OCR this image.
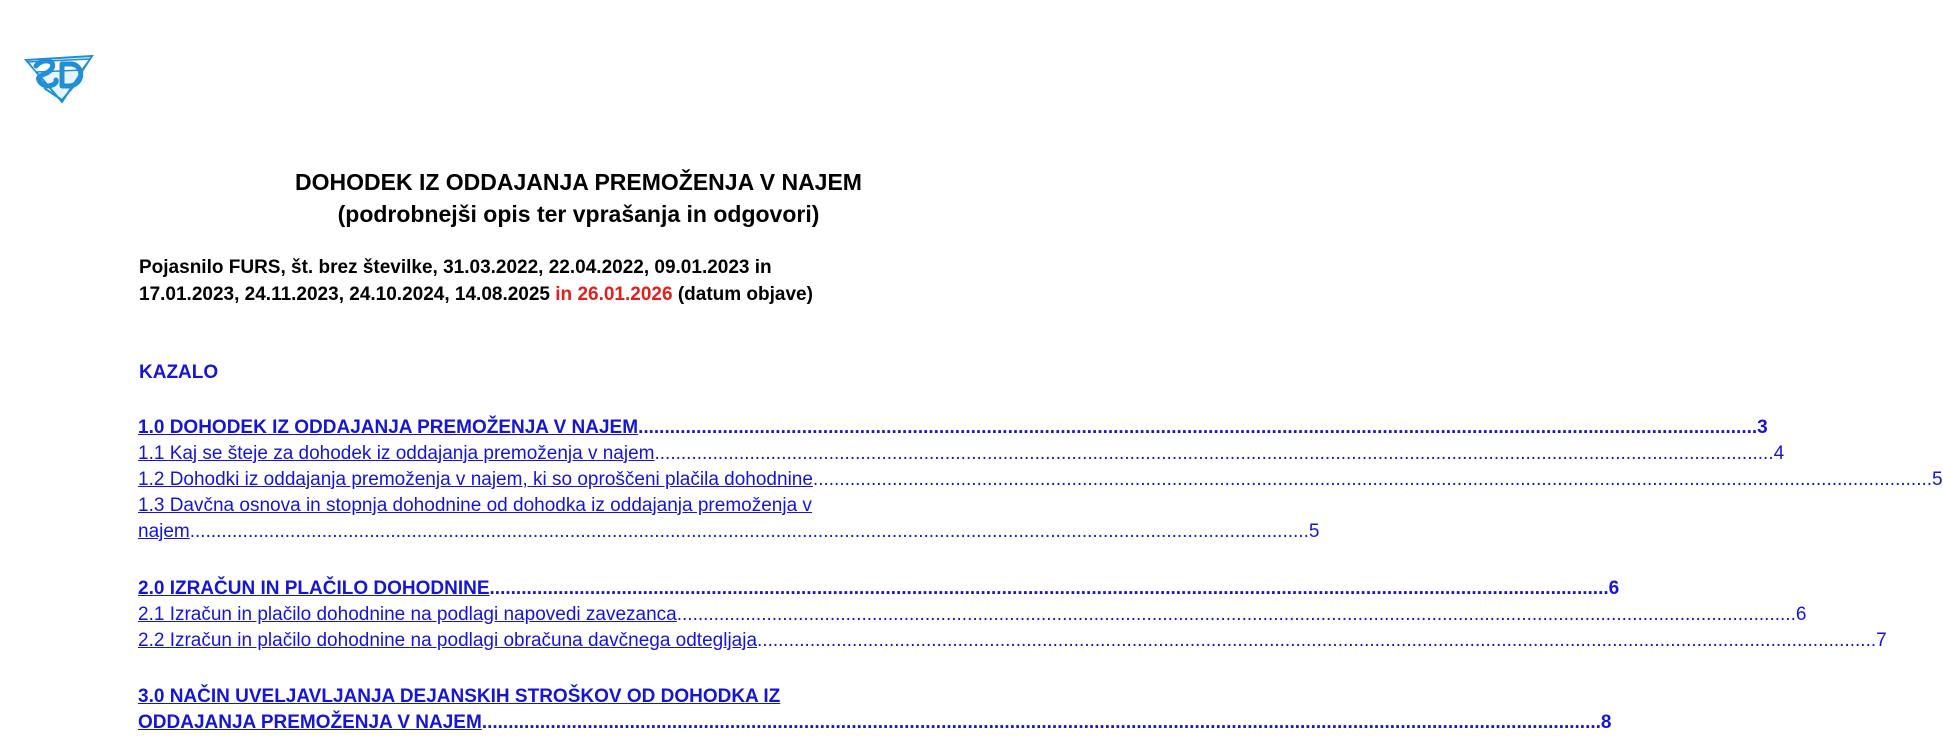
DOHODEK IZ ODDAJANJA PREMOŽENJA V NAJEM
(podrobnejši opis ter vprašanja in odgovori)
Pojasnilo FURS, št. brez številke, 31.03.2022, 22.04.2022, 09.01.2023 in
17.01.2023, 24.11.2023, 24.10.2024, 14.08.2025 in 26.01.2026 (datum objave)
KAZALO
1.0 DOHODEK IZ ODDAJANJA PREMOŽENJA V NAJEM .................................................................................................................................................................................................................... 3
1.1 Kaj se šteje za dohodek iz oddajanja premoženja v najem .................................................................................................................................................................................................................... 4
1.2 Dohodki iz oddajanja premoženja v najem, ki so oproščeni plačila dohodnine .................................................................................................................................................................................................................... 5
1.3 Davčna osnova in stopnja dohodnine od dohodka iz oddajanja premoženja v
najem .................................................................................................................................................................................................................... 5
2.0 IZRAČUN IN PLAČILO DOHODNINE .................................................................................................................................................................................................................... 6
2.1 Izračun in plačilo dohodnine na podlagi napovedi zavezanca .................................................................................................................................................................................................................... 6
2.2 Izračun in plačilo dohodnine na podlagi obračuna davčnega odtegljaja .................................................................................................................................................................................................................... 7
3.0 NAČIN UVELJAVLJANJA DEJANSKIH STROŠKOV OD DOHODKA IZ
ODDAJANJA PREMOŽENJA V NAJEM .................................................................................................................................................................................................................... 8
